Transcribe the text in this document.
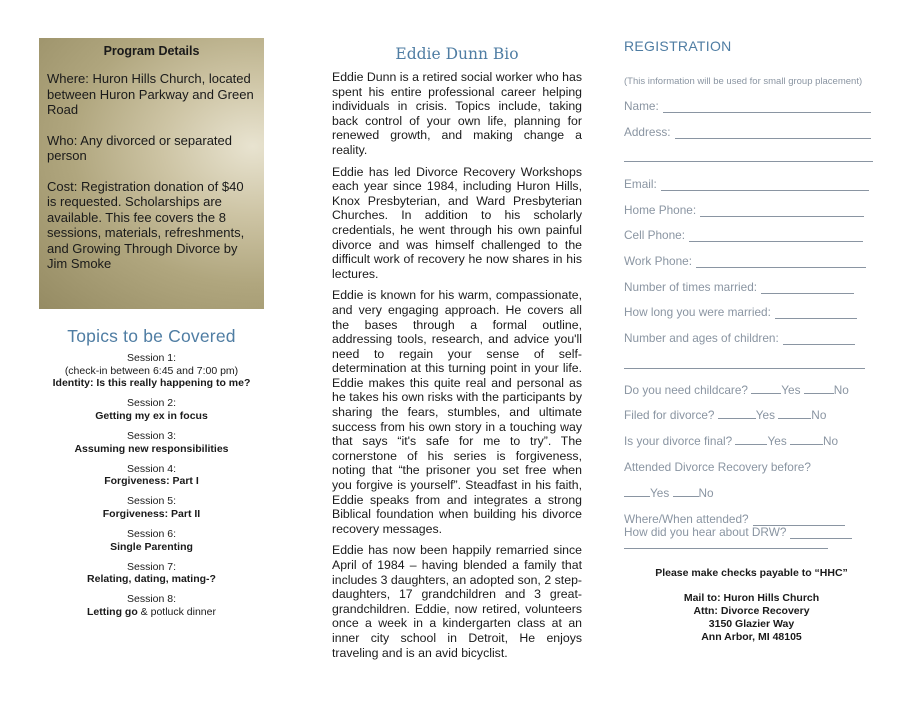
Program Details

Where: Huron Hills Church, located between Huron Parkway and Green Road

Who: Any divorced or separated person

Cost: Registration donation of $40 is requested. Scholarships are available. This fee covers the 8 sessions, materials, refreshments, and Growing Through Divorce by Jim Smoke

Topics to be Covered
Session 1:
(check-in between 6:45 and 7:00 pm)
Identity: Is this really happening to me?
Session 2:
Getting my ex in focus
Session 3:
Assuming new responsibilities
Session 4:
Forgiveness: Part I
Session 5:
Forgiveness: Part II
Session 6:
Single Parenting
Session 7:
Relating, dating, mating-?
Session 8:
Letting go & potluck dinner
Eddie Dunn Bio

Eddie Dunn is a retired social worker who has spent his entire professional career helping individuals in crisis. Topics include, taking back control of your own life, planning for renewed growth, and making change a reality.

Eddie has led Divorce Recovery Workshops each year since 1984, including Huron Hills, Knox Presbyterian, and Ward Presbyterian Churches. In addition to his scholarly credentials, he went through his own painful divorce and was himself challenged to the difficult work of recovery he now shares in his lectures.

Eddie is known for his warm, compassionate, and very engaging approach. He covers all the bases through a formal outline, addressing tools, research, and advice you'll need to regain your sense of self-determination at this turning point in your life. Eddie makes this quite real and personal as he takes his own risks with the participants by sharing the fears, stumbles, and ultimate success from his own story in a touching way that says “it's safe for me to try”. The cornerstone of his series is forgiveness, noting that “the prisoner you set free when you forgive is yourself”. Steadfast in his faith, Eddie speaks from and integrates a strong Biblical foundation when building his divorce recovery messages.

Eddie has now been happily remarried since April of 1984 – having blended a family that includes 3 daughters, an adopted son, 2 step-daughters, 17 grandchildren and 3 great-grandchildren. Eddie, now retired, volunteers once a week in a kindergarten class at an inner city school in Detroit, He enjoys traveling and is an avid bicyclist.

REGISTRATION
(This information will be used for small group placement)
Name:
Address:
Email:
Home Phone:
Cell Phone:
Work Phone:
Number of times married:
How long you were married:
Number and ages of children:
Do you need childcare?	Yes	No
Filed for divorce?	Yes	No
Is your divorce final?	Yes	No
Attended Divorce Recovery before?
Yes No
Where/When attended?
How did you hear about DRW?
Please make checks payable to “HHC”
Mail to: Huron Hills Church
Attn: Divorce Recovery
3150 Glazier Way
Ann Arbor, MI 48105
